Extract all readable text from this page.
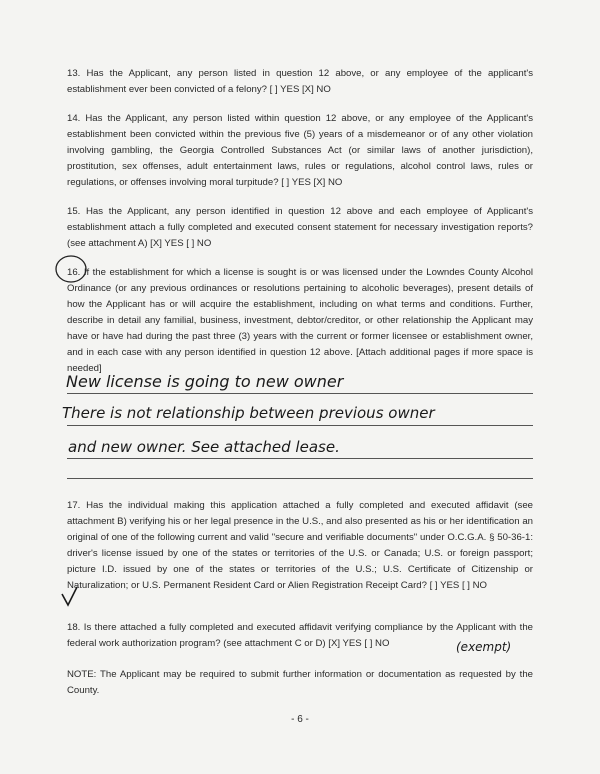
13. Has the Applicant, any person listed in question 12 above, or any employee of the applicant's establishment ever been convicted of a felony? [ ] YES [X] NO

14. Has the Applicant, any person listed within question 12 above, or any employee of the Applicant's establishment been convicted within the previous five (5) years of a misdemeanor or of any other violation involving gambling, the Georgia Controlled Substances Act (or similar laws of another jurisdiction), prostitution, sex offenses, adult entertainment laws, rules or regulations, alcohol control laws, rules or regulations, or offenses involving moral turpitude? [ ] YES [X] NO

15. Has the Applicant, any person identified in question 12 above and each employee of Applicant's establishment attach a fully completed and executed consent statement for necessary investigation reports? (see attachment A) [X] YES [ ] NO

16. If the establishment for which a license is sought is or was licensed under the Lowndes County Alcohol Ordinance (or any previous ordinances or resolutions pertaining to alcoholic beverages), present details of how the Applicant has or will acquire the establishment, including on what terms and conditions. Further, describe in detail any familial, business, investment, debtor/creditor, or other relationship the Applicant may have or have had during the past three (3) years with the current or former licensee or establishment owner, and in each case with any person identified in question 12 above. [Attach additional pages if more space is needed]

New license is going to new owner
There is not relationship between previous owner
and new owner. See attached lease.

17. Has the individual making this application attached a fully completed and executed affidavit (see attachment B) verifying his or her legal presence in the U.S., and also presented as his or her identification an original of one of the following current and valid "secure and verifiable documents" under O.C.G.A. § 50-36-1: driver's license issued by one of the states or territories of the U.S. or Canada; U.S. or foreign passport; picture I.D. issued by one of the states or territories of the U.S.; U.S. Certificate of Citizenship or Naturalization; or U.S. Permanent Resident Card or Alien Registration Receipt Card? [ ] YES [ ] NO

18. Is there attached a fully completed and executed affidavit verifying compliance by the Applicant with the federal work authorization program? (see attachment C or D) [X] YES [ ] NO	(exempt)

NOTE: The Applicant may be required to submit further information or documentation as requested by the County.

- 6 -
